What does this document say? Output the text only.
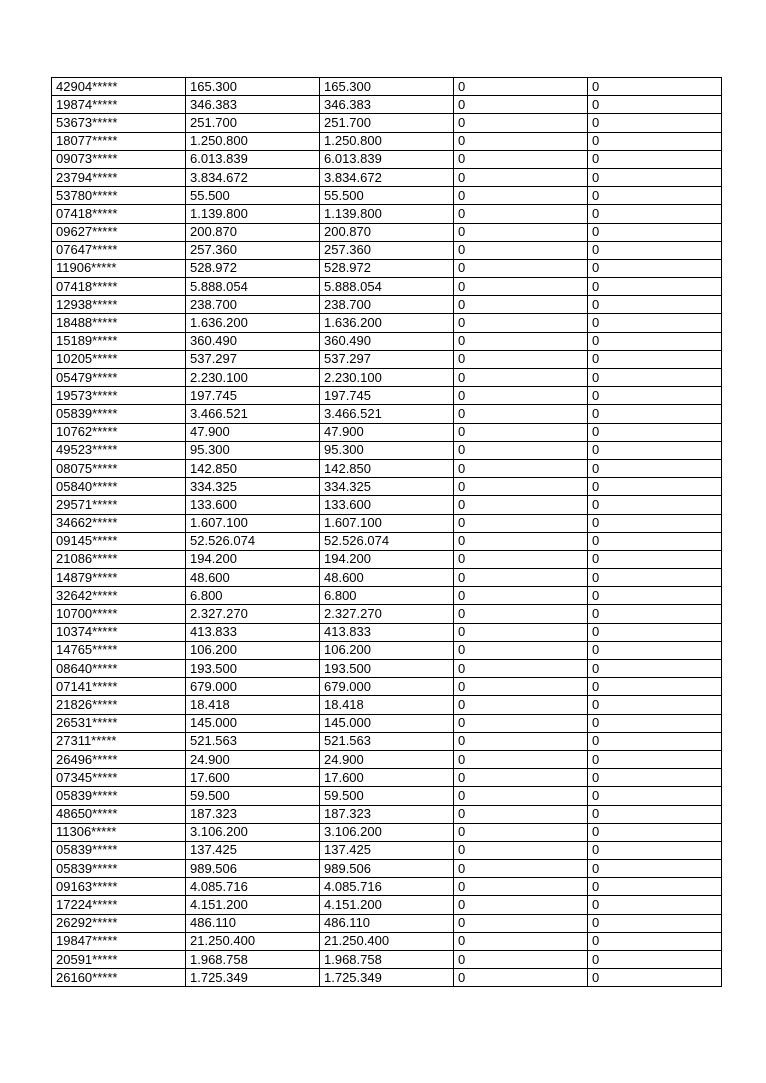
42904*****	165.300	165.300	0	0
19874*****	346.383	346.383	0	0
53673*****	251.700	251.700	0	0
18077*****	1.250.800	1.250.800	0	0
09073*****	6.013.839	6.013.839	0	0
23794*****	3.834.672	3.834.672	0	0
53780*****	55.500	55.500	0	0
07418*****	1.139.800	1.139.800	0	0
09627*****	200.870	200.870	0	0
07647*****	257.360	257.360	0	0
11906*****	528.972	528.972	0	0
07418*****	5.888.054	5.888.054	0	0
12938*****	238.700	238.700	0	0
18488*****	1.636.200	1.636.200	0	0
15189*****	360.490	360.490	0	0
10205*****	537.297	537.297	0	0
05479*****	2.230.100	2.230.100	0	0
19573*****	197.745	197.745	0	0
05839*****	3.466.521	3.466.521	0	0
10762*****	47.900	47.900	0	0
49523*****	95.300	95.300	0	0
08075*****	142.850	142.850	0	0
05840*****	334.325	334.325	0	0
29571*****	133.600	133.600	0	0
34662*****	1.607.100	1.607.100	0	0
09145*****	52.526.074	52.526.074	0	0
21086*****	194.200	194.200	0	0
14879*****	48.600	48.600	0	0
32642*****	6.800	6.800	0	0
10700*****	2.327.270	2.327.270	0	0
10374*****	413.833	413.833	0	0
14765*****	106.200	106.200	0	0
08640*****	193.500	193.500	0	0
07141*****	679.000	679.000	0	0
21826*****	18.418	18.418	0	0
26531*****	145.000	145.000	0	0
27311*****	521.563	521.563	0	0
26496*****	24.900	24.900	0	0
07345*****	17.600	17.600	0	0
05839*****	59.500	59.500	0	0
48650*****	187.323	187.323	0	0
11306*****	3.106.200	3.106.200	0	0
05839*****	137.425	137.425	0	0
05839*****	989.506	989.506	0	0
09163*****	4.085.716	4.085.716	0	0
17224*****	4.151.200	4.151.200	0	0
26292*****	486.110	486.110	0	0
19847*****	21.250.400	21.250.400	0	0
20591*****	1.968.758	1.968.758	0	0
26160*****	1.725.349	1.725.349	0	0
